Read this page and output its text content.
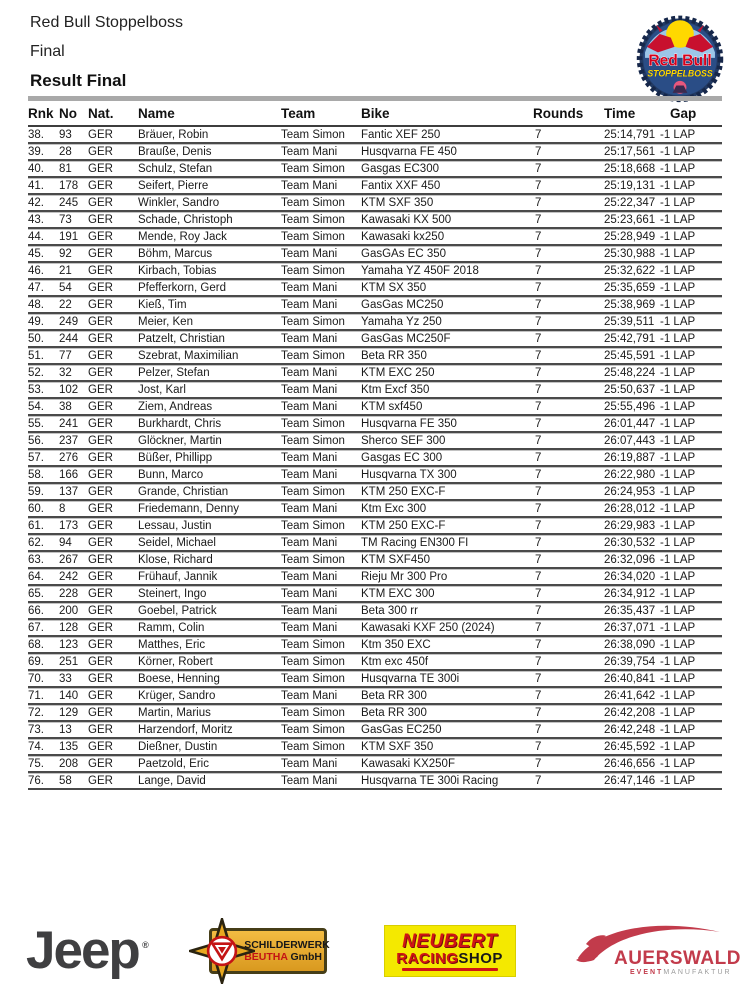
Red Bull Stoppelboss
Final
Result Final
Red Bull
STOPPELBOSS
Rnk No Nat.	Name	Team	Bike	Rounds	Time	Gap
38.	93	GER	Bräuer, Robin	Team Simon	Fantic XEF 250	7	25:14,791 -1 LAP
39.	28	GER	Brauße, Denis	Team Mani	Husqvarna FE 450	7	25:17,561 -1 LAP
40.	81	GER	Schulz, Stefan	Team Simon	Gasgas EC300	7	25:18,668 -1 LAP
41.	178 GER	Seifert, Pierre	Team Mani	Fantix XXF 450	7	25:19,131 -1 LAP
42.	245 GER	Winkler, Sandro	Team Simon	KTM SXF 350	7	25:22,347 -1 LAP
43.	73	GER	Schade, Christoph	Team Simon	Kawasaki KX 500	7	25:23,661 -1 LAP
44.	191 GER	Mende, Roy Jack	Team Simon	Kawasaki kx250	7	25:28,949 -1 LAP
45.	92	GER	Böhm, Marcus	Team Mani	GasGAs EC 350	7	25:30,988 -1 LAP
46.	21	GER	Kirbach, Tobias	Team Simon	Yamaha YZ 450F 2018	7	25:32,622 -1 LAP
47.	54	GER	Pfefferkorn, Gerd	Team Mani	KTM SX 350	7	25:35,659 -1 LAP
48.	22	GER	Kieß, Tim	Team Mani	GasGas MC250	7	25:38,969 -1 LAP
49.	249 GER	Meier, Ken	Team Simon	Yamaha Yz 250	7	25:39,511 -1 LAP
50.	244 GER	Patzelt, Christian	Team Mani	GasGas MC250F	7	25:42,791 -1 LAP
51.	77	GER	Szebrat, Maximilian	Team Simon	Beta RR 350	7	25:45,591 -1 LAP
52.	32	GER	Pelzer, Stefan	Team Mani	KTM EXC 250	7	25:48,224 -1 LAP
53.	102 GER	Jost, Karl	Team Mani	Ktm Excf 350	7	25:50,637 -1 LAP
54.	38	GER	Ziem, Andreas	Team Mani	KTM sxf450	7	25:55,496 -1 LAP
55.	241 GER	Burkhardt, Chris	Team Simon	Husqvarna FE 350	7	26:01,447 -1 LAP
56.	237 GER	Glöckner, Martin	Team Simon	Sherco SEF 300	7	26:07,443 -1 LAP
57.	276 GER	Büßer, Phillipp	Team Mani	Gasgas EC 300	7	26:19,887 -1 LAP
58.	166 GER	Bunn, Marco	Team Mani	Husqvarna TX 300	7	26:22,980 -1 LAP
59.	137 GER	Grande, Christian	Team Simon	KTM 250 EXC-F	7	26:24,953 -1 LAP
60.	8	GER	Friedemann, Denny	Team Mani	Ktm Exc 300	7	26:28,012 -1 LAP
61.	173 GER	Lessau, Justin	Team Simon	KTM 250 EXC-F	7	26:29,983 -1 LAP
62.	94	GER	Seidel, Michael	Team Mani	TM Racing EN300 FI	7	26:30,532 -1 LAP
63.	267 GER	Klose, Richard	Team Simon	KTM SXF450	7	26:32,096 -1 LAP
64.	242 GER	Frühauf, Jannik	Team Mani	Rieju Mr 300 Pro	7	26:34,020 -1 LAP
65.	228 GER	Steinert, Ingo	Team Mani	KTM EXC 300	7	26:34,912 -1 LAP
66.	200 GER	Goebel, Patrick	Team Mani	Beta 300 rr	7	26:35,437 -1 LAP
67.	128 GER	Ramm, Colin	Team Mani	Kawasaki KXF 250 (2024)	7	26:37,071 -1 LAP
68.	123 GER	Matthes, Eric	Team Simon	Ktm 350 EXC	7	26:38,090 -1 LAP
69.	251 GER	Körner, Robert	Team Simon	Ktm exc 450f	7	26:39,754 -1 LAP
70.	33	GER	Boese, Henning	Team Simon	Husqvarna TE 300i	7	26:40,841 -1 LAP
71.	140 GER	Krüger, Sandro	Team Mani	Beta RR 300	7	26:41,642 -1 LAP
72.	129 GER	Martin, Marius	Team Simon	Beta RR 300	7	26:42,208 -1 LAP
73.	13	GER	Harzendorf, Moritz	Team Simon	GasGas EC250	7	26:42,248 -1 LAP
74.	135 GER	Dießner, Dustin	Team Simon	KTM SXF 350	7	26:45,592 -1 LAP
75.	208 GER	Paetzold, Eric	Team Mani	Kawasaki KX250F	7	26:46,656 -1 LAP
76.	58	GER	Lange, David	Team Mani	Husqvarna TE 300i Racing	7	26:47,146 -1 LAP
Jeep ®	SCHILDERWERK
BEUTHA GmbH
NEUBERT
RACINGSHOP	AUERSWALD
EVENTMANUFAKTUR
